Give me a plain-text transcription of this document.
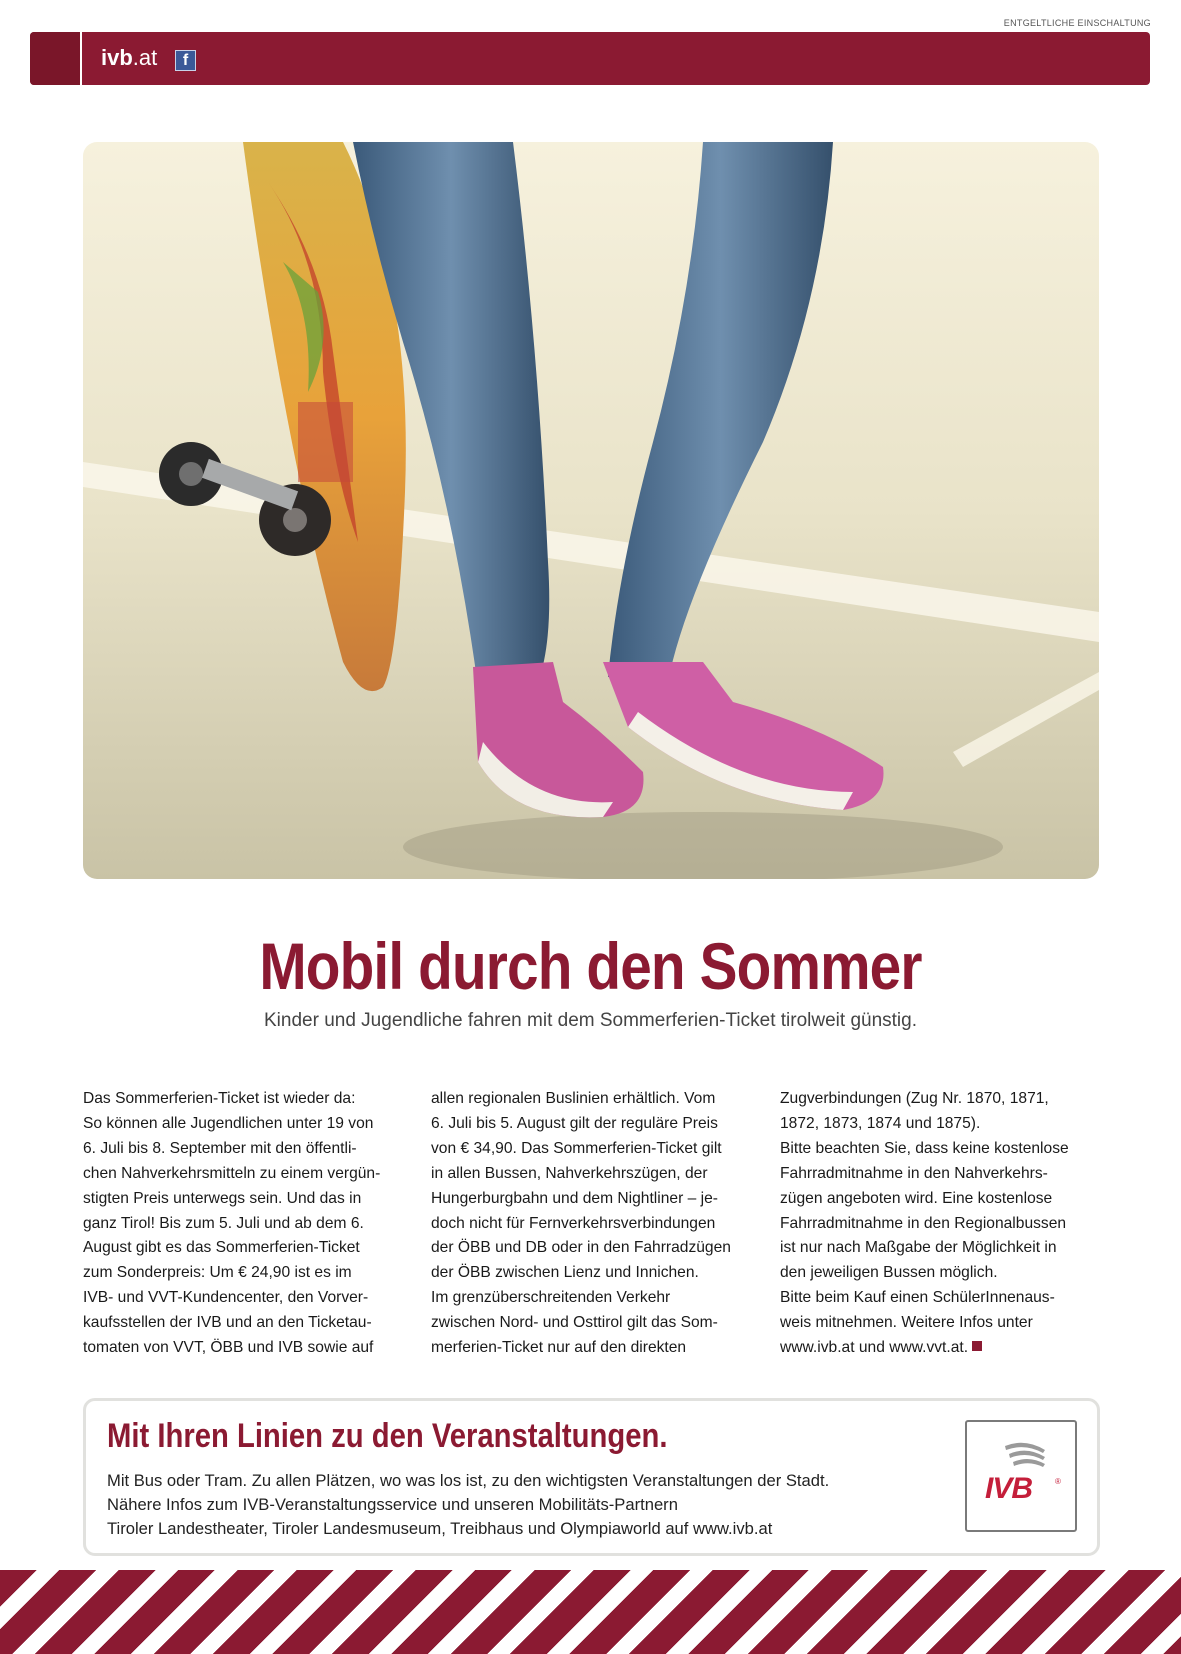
ENTGELTLICHE EINSCHALTUNG
ivb.at	f
Mobil durch den Sommer
Kinder und Jugendliche fahren mit dem Sommerferien-Ticket tirolweit günstig.
Das Sommerferien-Ticket ist wieder da:
So können alle Jugendlichen unter 19 von
6. Juli bis 8. September mit den öffentli-
chen Nahverkehrsmitteln zu einem vergün-
stigten Preis unterwegs sein. Und das in
ganz Tirol! Bis zum 5. Juli und ab dem 6.
August gibt es das Sommerferien-Ticket
zum Sonderpreis: Um € 24,90 ist es im
IVB- und VVT-Kundencenter, den Vorver-
kaufsstellen der IVB und an den Ticketau-
tomaten von VVT, ÖBB und IVB sowie auf
allen regionalen Buslinien erhältlich. Vom
6. Juli bis 5. August gilt der reguläre Preis
von € 34,90. Das Sommerferien-Ticket gilt
in allen Bussen, Nahverkehrszügen, der
Hungerburgbahn und dem Nightliner – je-
doch nicht für Fernverkehrsverbindungen
der ÖBB und DB oder in den Fahrradzügen
der ÖBB zwischen Lienz und Innichen.
Im grenzüberschreitenden Verkehr
zwischen Nord- und Osttirol gilt das Som-
merferien-Ticket nur auf den direkten
Zugverbindungen (Zug Nr. 1870, 1871,
1872, 1873, 1874 und 1875).
Bitte beachten Sie, dass keine kostenlose
Fahrradmitnahme in den Nahverkehrs-
zügen angeboten wird. Eine kostenlose
Fahrradmitnahme in den Regionalbussen
ist nur nach Maßgabe der Möglichkeit in
den jeweiligen Bussen möglich.
Bitte beim Kauf einen SchülerInnenaus-
weis mitnehmen. Weitere Infos unter
www.ivb.at und www.vvt.at.
Mit Ihren Linien zu den Veranstaltungen.
Mit Bus oder Tram. Zu allen Plätzen, wo was los ist, zu den wichtigsten Veranstaltungen der Stadt.
Nähere Infos zum IVB-Veranstaltungsservice und unseren Mobilitäts-Partnern
Tiroler Landestheater, Tiroler Landesmuseum, Treibhaus und Olympiaworld auf www.ivb.at
IVB	®
